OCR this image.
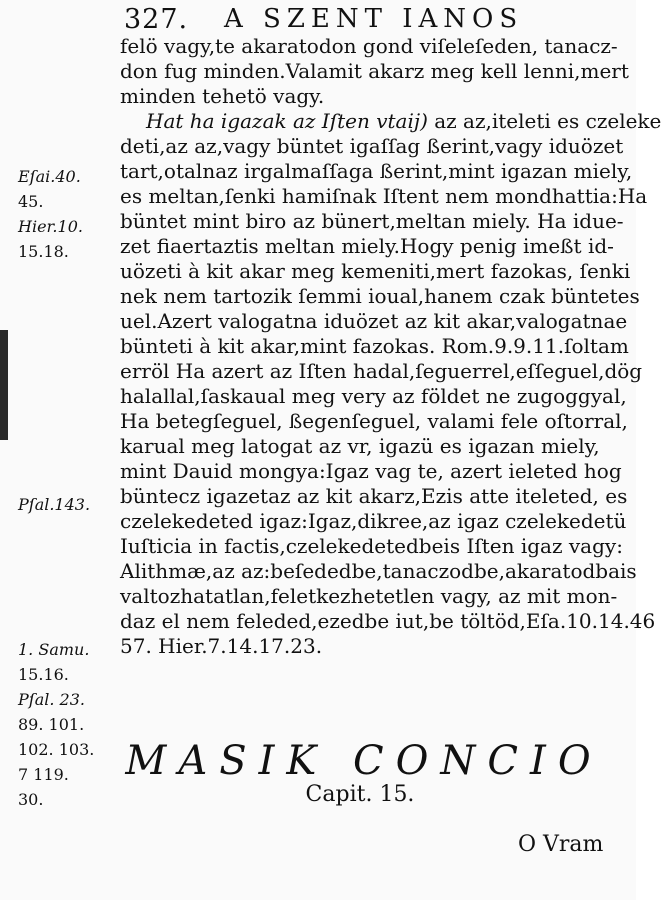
327. A SZENT IANOS
felö vagy,te akaratodon gond viſeleſeden, tanacz-
don fug minden.Valamit akarz meg kell lenni,mert
minden tehetö vagy.
Hat ha igazak az Iſten vtaij) az az,iteleti es czeleke
deti,az az,vagy büntet igaſſag ßerint,vagy iduözet
tart,otalnaz irgalmaſſaga ßerint,mint igazan miely,
es meltan,ſenki hamiſnak Iſtent nem mondhattia:Ha
büntet mint biro az bünert,meltan miely. Ha idue-
zet fiaertaztis meltan miely.Hogy penig imeßt id-
uözeti à kit akar meg kemeniti,mert fazokas, ſenki
nek nem tartozik ſemmi ioual,hanem czak büntetes
uel.Azert valogatna iduözet az kit akar,valogatnae
bünteti à kit akar,mint fazokas. Rom.9.9.11.ſoltam
erröl Ha azert az Iſten hadal,ſeguerrel,eſſeguel,dög
halallal,ſaskaual meg very az földet ne zugoggyal,
Ha betegſeguel, ßegenſeguel, valami fele oſtorral,
karual meg latogat az vr, igazü es igazan miely,
mint Dauid mongya:Igaz vag te, azert ieleted hog
büntecz igazetaz az kit akarz,Ezis atte iteleted, es
czelekedeted igaz:Igaz,dikree,az igaz czelekedetü
Iuſticia in factis,czelekedetedbeis Iſten igaz vagy:
Alithmæ,az az:beſededbe,tanaczodbe,akaratodbais
valtozhatatlan,feletkezhetetlen vagy, az mit mon-
daz el nem feleded,ezedbe iut,be töltöd,Eſa.10.14.46
57. Hier.7.14.17.23.
Eſai.40.
45.
Hier.10.
15.18.
Pſal.143.
1. Samu.
15.16.
Pſal. 23.
89. 101.
102. 103.
7 119.
30.
MASIK CONCIO
Capit. 15.
O Vram
